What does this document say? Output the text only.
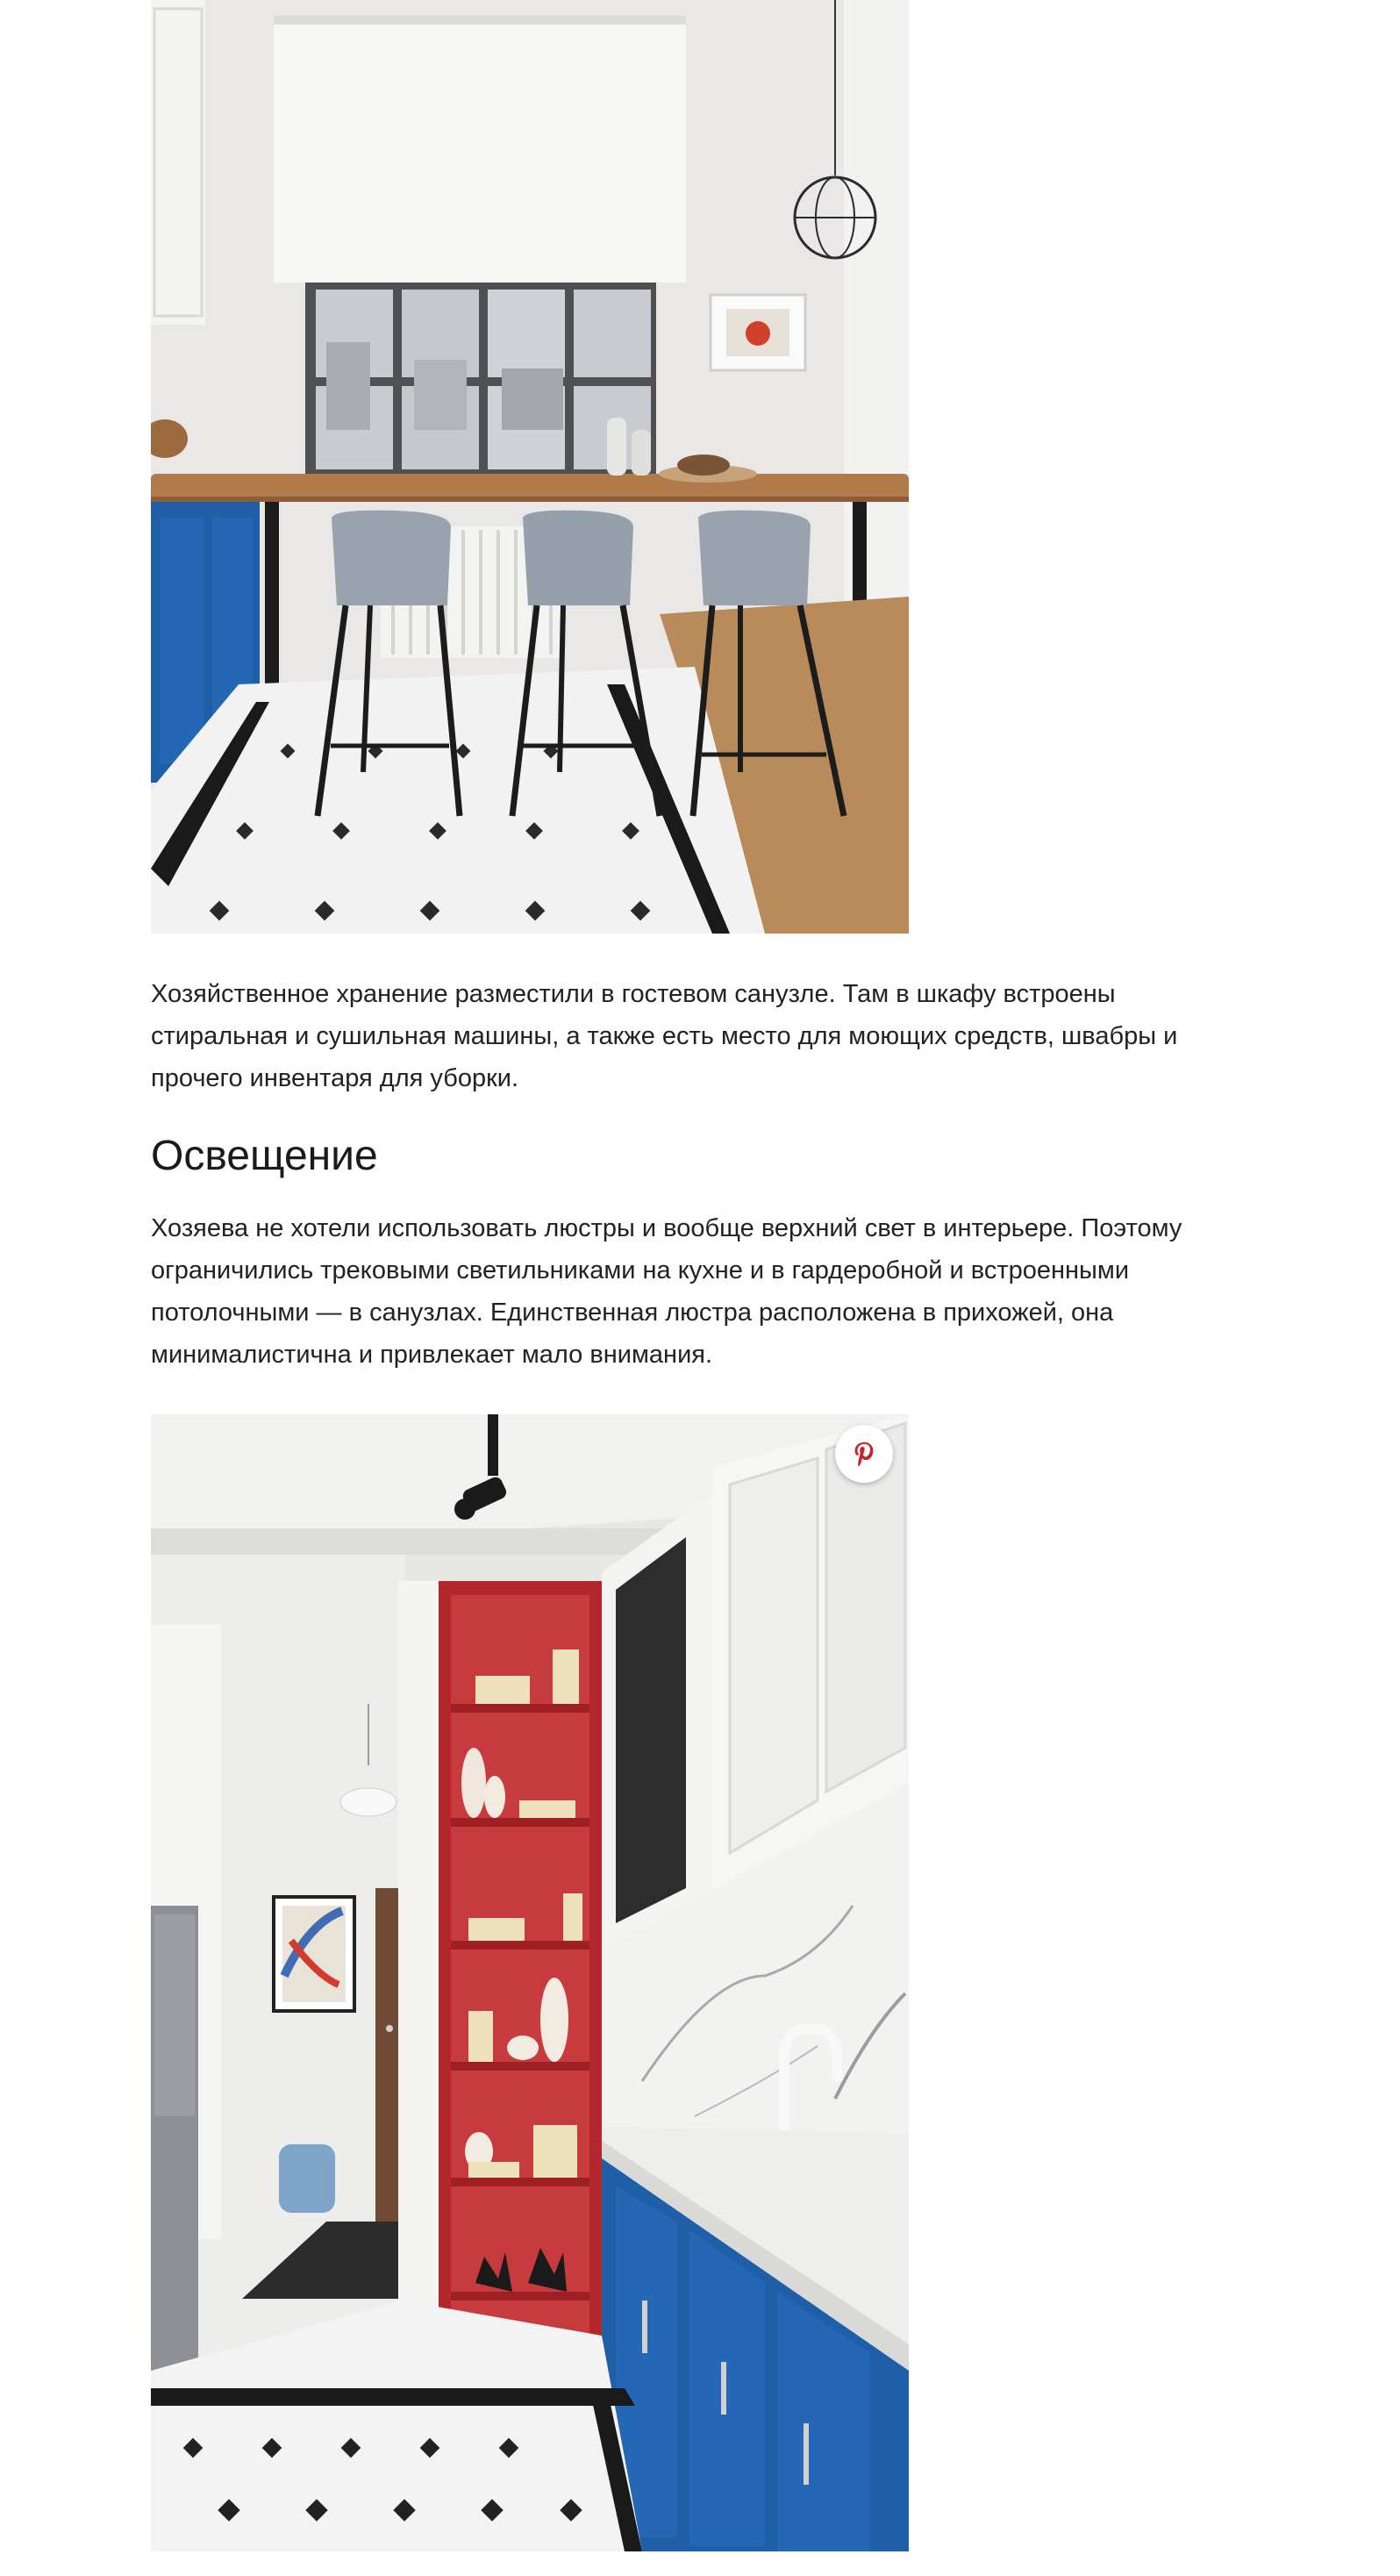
Хозяйственное хранение разместили в гостевом санузле. Там в шкафу встроены стиральная и сушильная машины, а также есть место для моющих средств, швабры и прочего инвентаря для уборки.

Освещение

Хозяева не хотели использовать люстры и вообще верхний свет в интерьере. Поэтому ограничились трековыми светильниками на кухне и в гардеробной и встроенными потолочными — в санузлах. Единственная люстра расположена в прихожей, она минималистична и привлекает мало внимания.
